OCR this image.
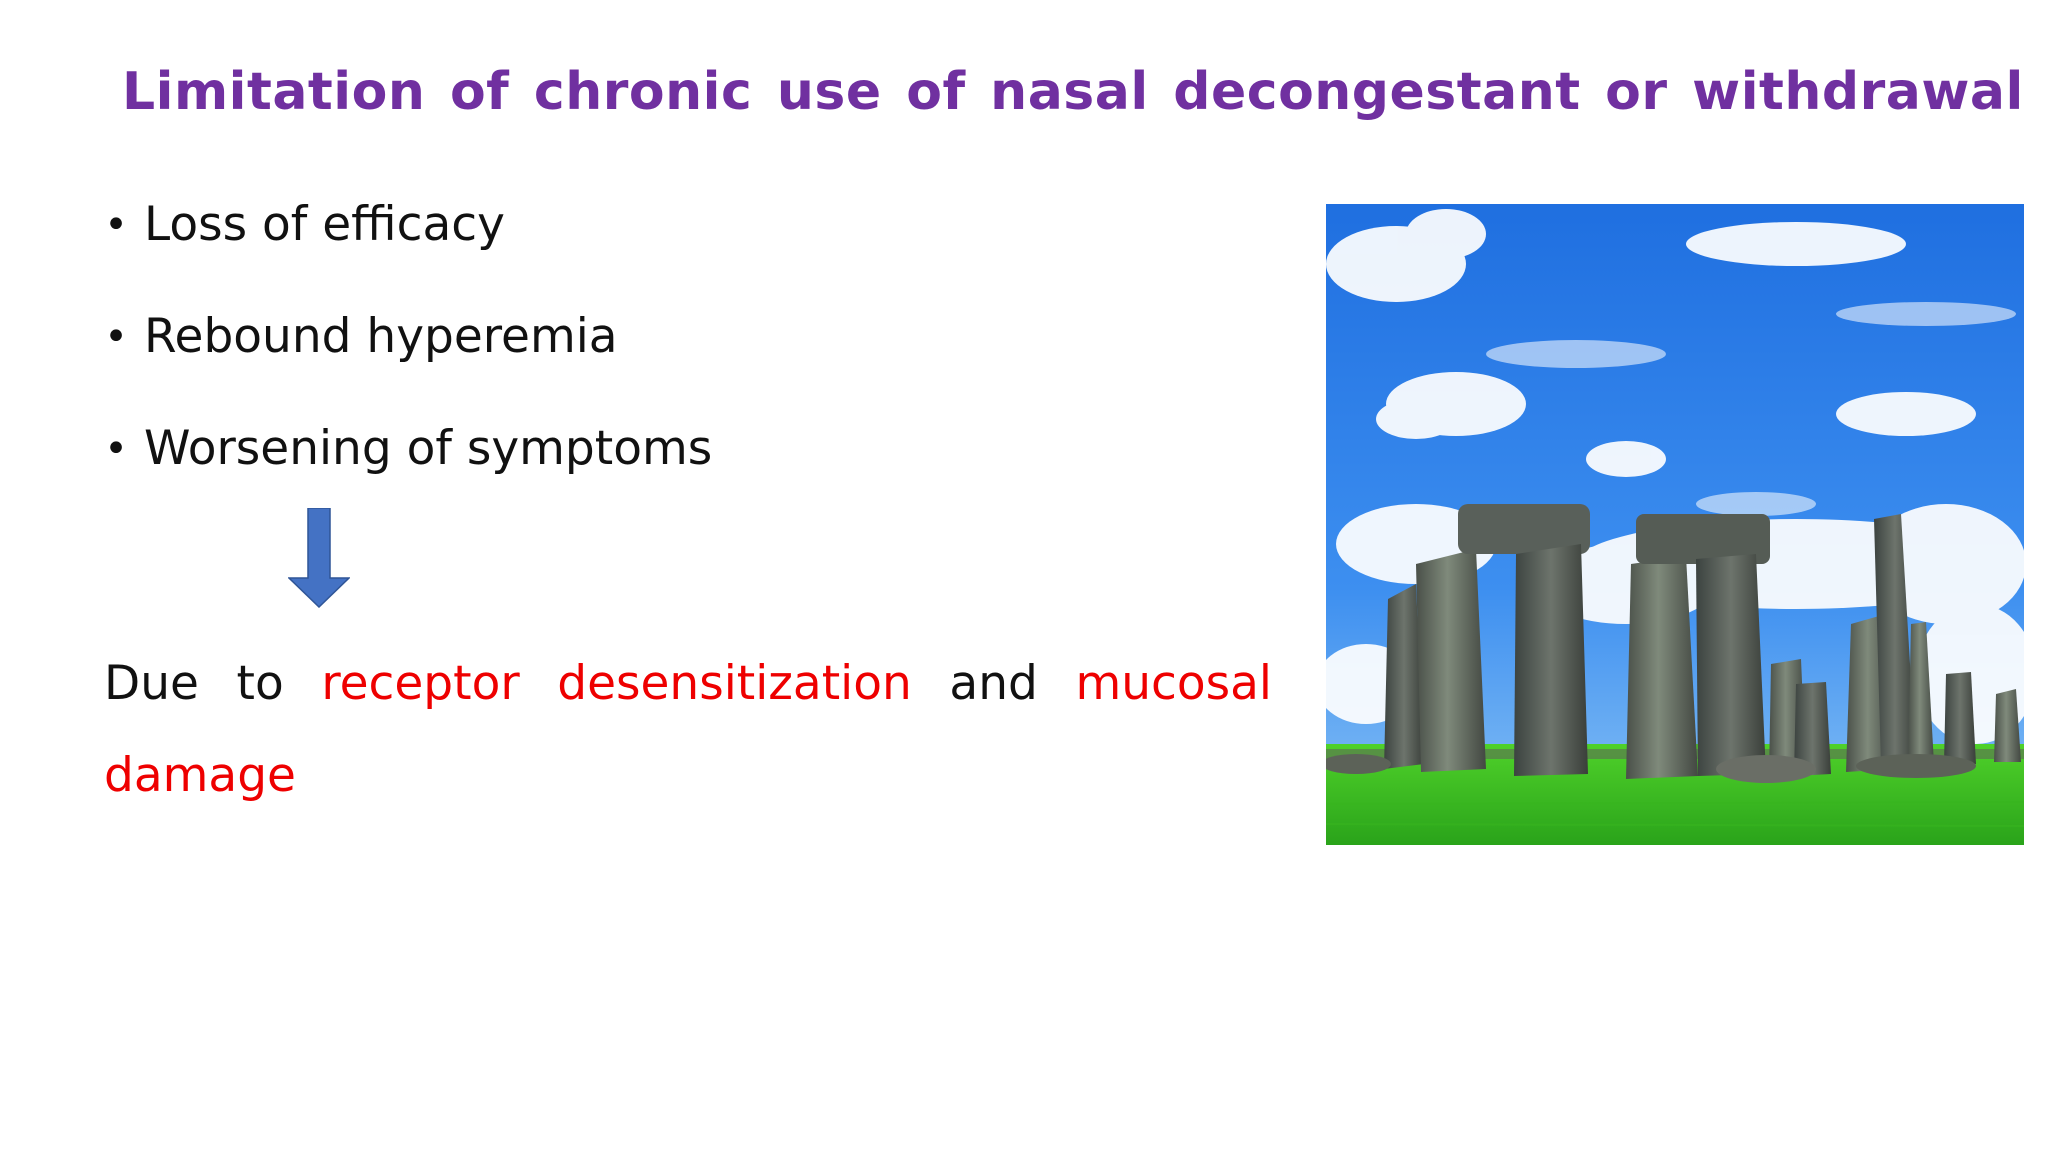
Limitation of chronic use of nasal decongestant or withdrawal
• Loss of efficacy
• Rebound hyperemia
• Worsening of symptoms

Due to receptor desensitization and mucosal damage
